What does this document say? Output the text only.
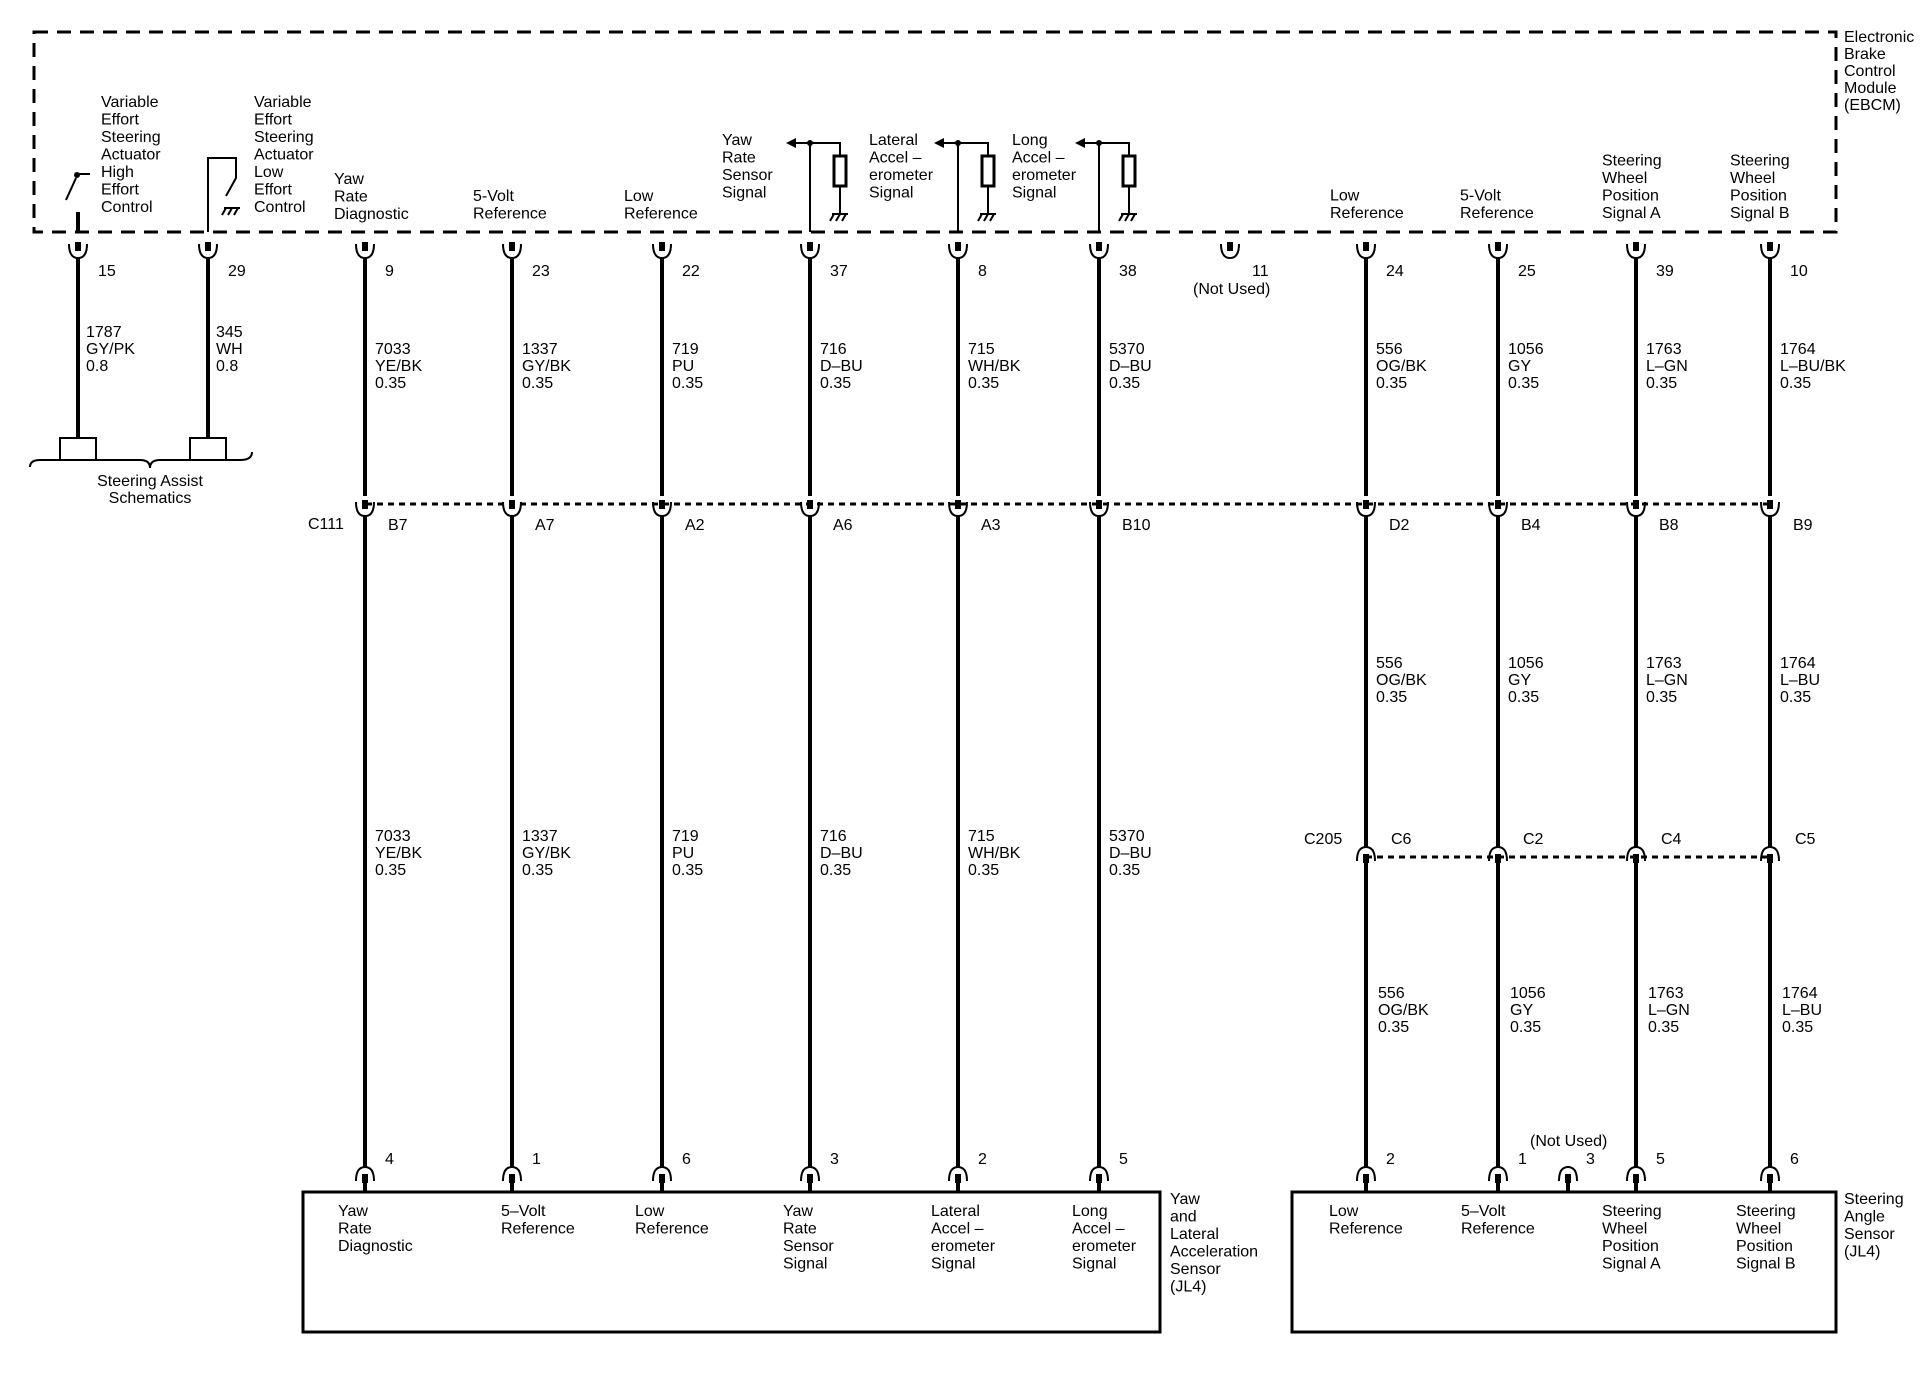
Electronic
Brake
Control
Module
(EBCM)
Variable
Effort
Steering
Actuator
High
Effort
Control
15
1787
GY/PK
0.8
Variable
Effort
Steering
Actuator
Low
Effort
Control
29
345
WH
0.8
Steering Assist
Schematics
C111
C205
Yaw
Rate
Diagnostic
9
7033
YE/BK
0.35
B7
7033
YE/BK
0.35
4
Yaw
Rate
Diagnostic
5-Volt
Reference
23
1337
GY/BK
0.35
A7
1337
GY/BK
0.35
1
5–Volt
Reference
Low
Reference
22
719
PU
0.35
A2
719
PU
0.35
6
Low
Reference
Yaw
Rate
Sensor
Signal
37
716
D–BU
0.35
A6
716
D–BU
0.35
3
Yaw
Rate
Sensor
Signal
Lateral
Accel –
erometer
Signal
8
715
WH/BK
0.35
A3
715
WH/BK
0.35
2
Lateral
Accel –
erometer
Signal
Long
Accel –
erometer
Signal
38
5370
D–BU
0.35
B10
5370
D–BU
0.35
5
Long
Accel –
erometer
Signal
11
(Not Used)
Low
Reference
24
556
OG/BK
0.35
D2
556
OG/BK
0.35
C6
556
OG/BK
0.35
2
Low
Reference
5-Volt
Reference
25
1056
GY
0.35
B4
1056
GY
0.35
C2
1056
GY
0.35
1
5–Volt
Reference
Steering
Wheel
Position
Signal A
39
1763
L–GN
0.35
B8
1763
L–GN
0.35
C4
1763
L–GN
0.35
5
Steering
Wheel
Position
Signal A
Steering
Wheel
Position
Signal B
10
1764
L–BU/BK
0.35
B9
1764
L–BU
0.35
C5
1764
L–BU
0.35
6
Steering
Wheel
Position
Signal B
3
(Not Used)
Yaw
and
Lateral
Acceleration
Sensor
(JL4)
Steering
Angle
Sensor
(JL4)
